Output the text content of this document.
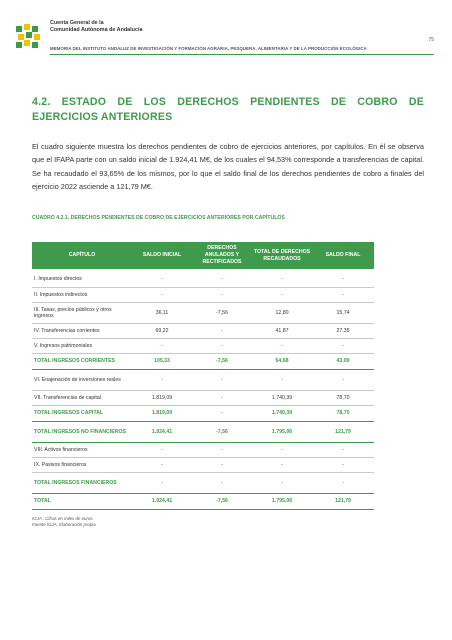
Cuenta General de la
Comunidad Autónoma de Andalucía
75
MEMORIA DEL INSTITUTO ANDALUZ DE INVESTIGACIÓN Y FORMACIÓN AGRARIA, PESQUERA, ALIMENTARIA Y DE LA PRODUCCIÓN ECOLÓGICA
4.2. ESTADO DE LOS DERECHOS PENDIENTES DE COBRO DE EJERCICIOS ANTERIORES

El cuadro siguiente muestra los derechos pendientes de cobro de ejercicios anteriores, por capítulos. En él se observa que el IFAPA parte con un saldo inicial de 1.924,41 M€, de los cuales el 94,53% corresponde a transferencias de capital. Se ha recaudado el 93,65% de los mismos, por lo que el saldo final de los derechos pendientes de cobro a finales del ejercicio 2022 asciende a 121,79 M€.

CUADRO 4.2.1. DERECHOS PENDIENTES DE COBRO DE EJERCICIOS ANTERIORES POR CAPÍTULOS
CAPÍTULO	SALDO INICIAL	DERECHOS ANULADOS Y RECTIFICADOS	TOTAL DE DERECHOS RECAUDADOS	SALDO FINAL

I. Impuestos directos	-	-	-	-
II. Impuestos indirectos	-	-	-	-
III. Tasas, precios públicos y otros ingresos	36,11	-7,56	12,80	15,74
IV. Transferencias corrientes	69,22	-	41,87	27,35
V. Ingresos patrimoniales	-	-	-	-
TOTAL INGRESOS CORRIENTES	105,33	-7,56	54,68	43,09
VI. Enajenación de inversiones reales	-	-	-	-
VII. Transferencias de capital	1.819,09	-	1.740,39	78,70
TOTAL INGRESOS CAPITAL	1.819,09	-	1.740,39	78,70
TOTAL INGRESOS NO FINANCIEROS	1.924,41	-7,56	1.795,06	121,79
VIII. Activos financieros	-	-	-	-
IX. Pasivos financieros	-	-	-	-
TOTAL INGRESOS FINANCIEROS	-	-	-	-
TOTAL	1.924,41	-7,56	1.795,06	121,79
IGJA : Cifras en miles de euros.
Fuente IGJA. Elaboración propia
